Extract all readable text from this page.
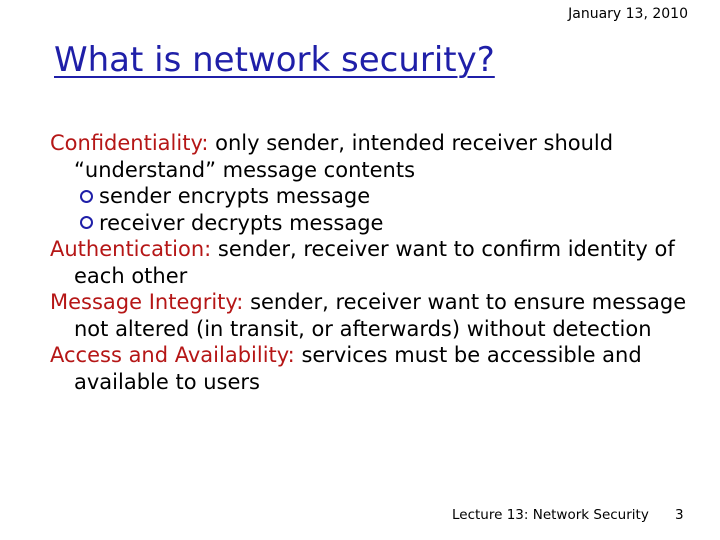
January 13, 2010
What is network security?
Confidentiality: only sender, intended receiver should “understand” message contents
sender encrypts message
receiver decrypts message
Authentication: sender, receiver want to confirm identity of each other
Message Integrity: sender, receiver want to ensure message not altered (in transit, or afterwards) without detection
Access and Availability: services must be accessible and available to users
Lecture 13: Network Security 3
